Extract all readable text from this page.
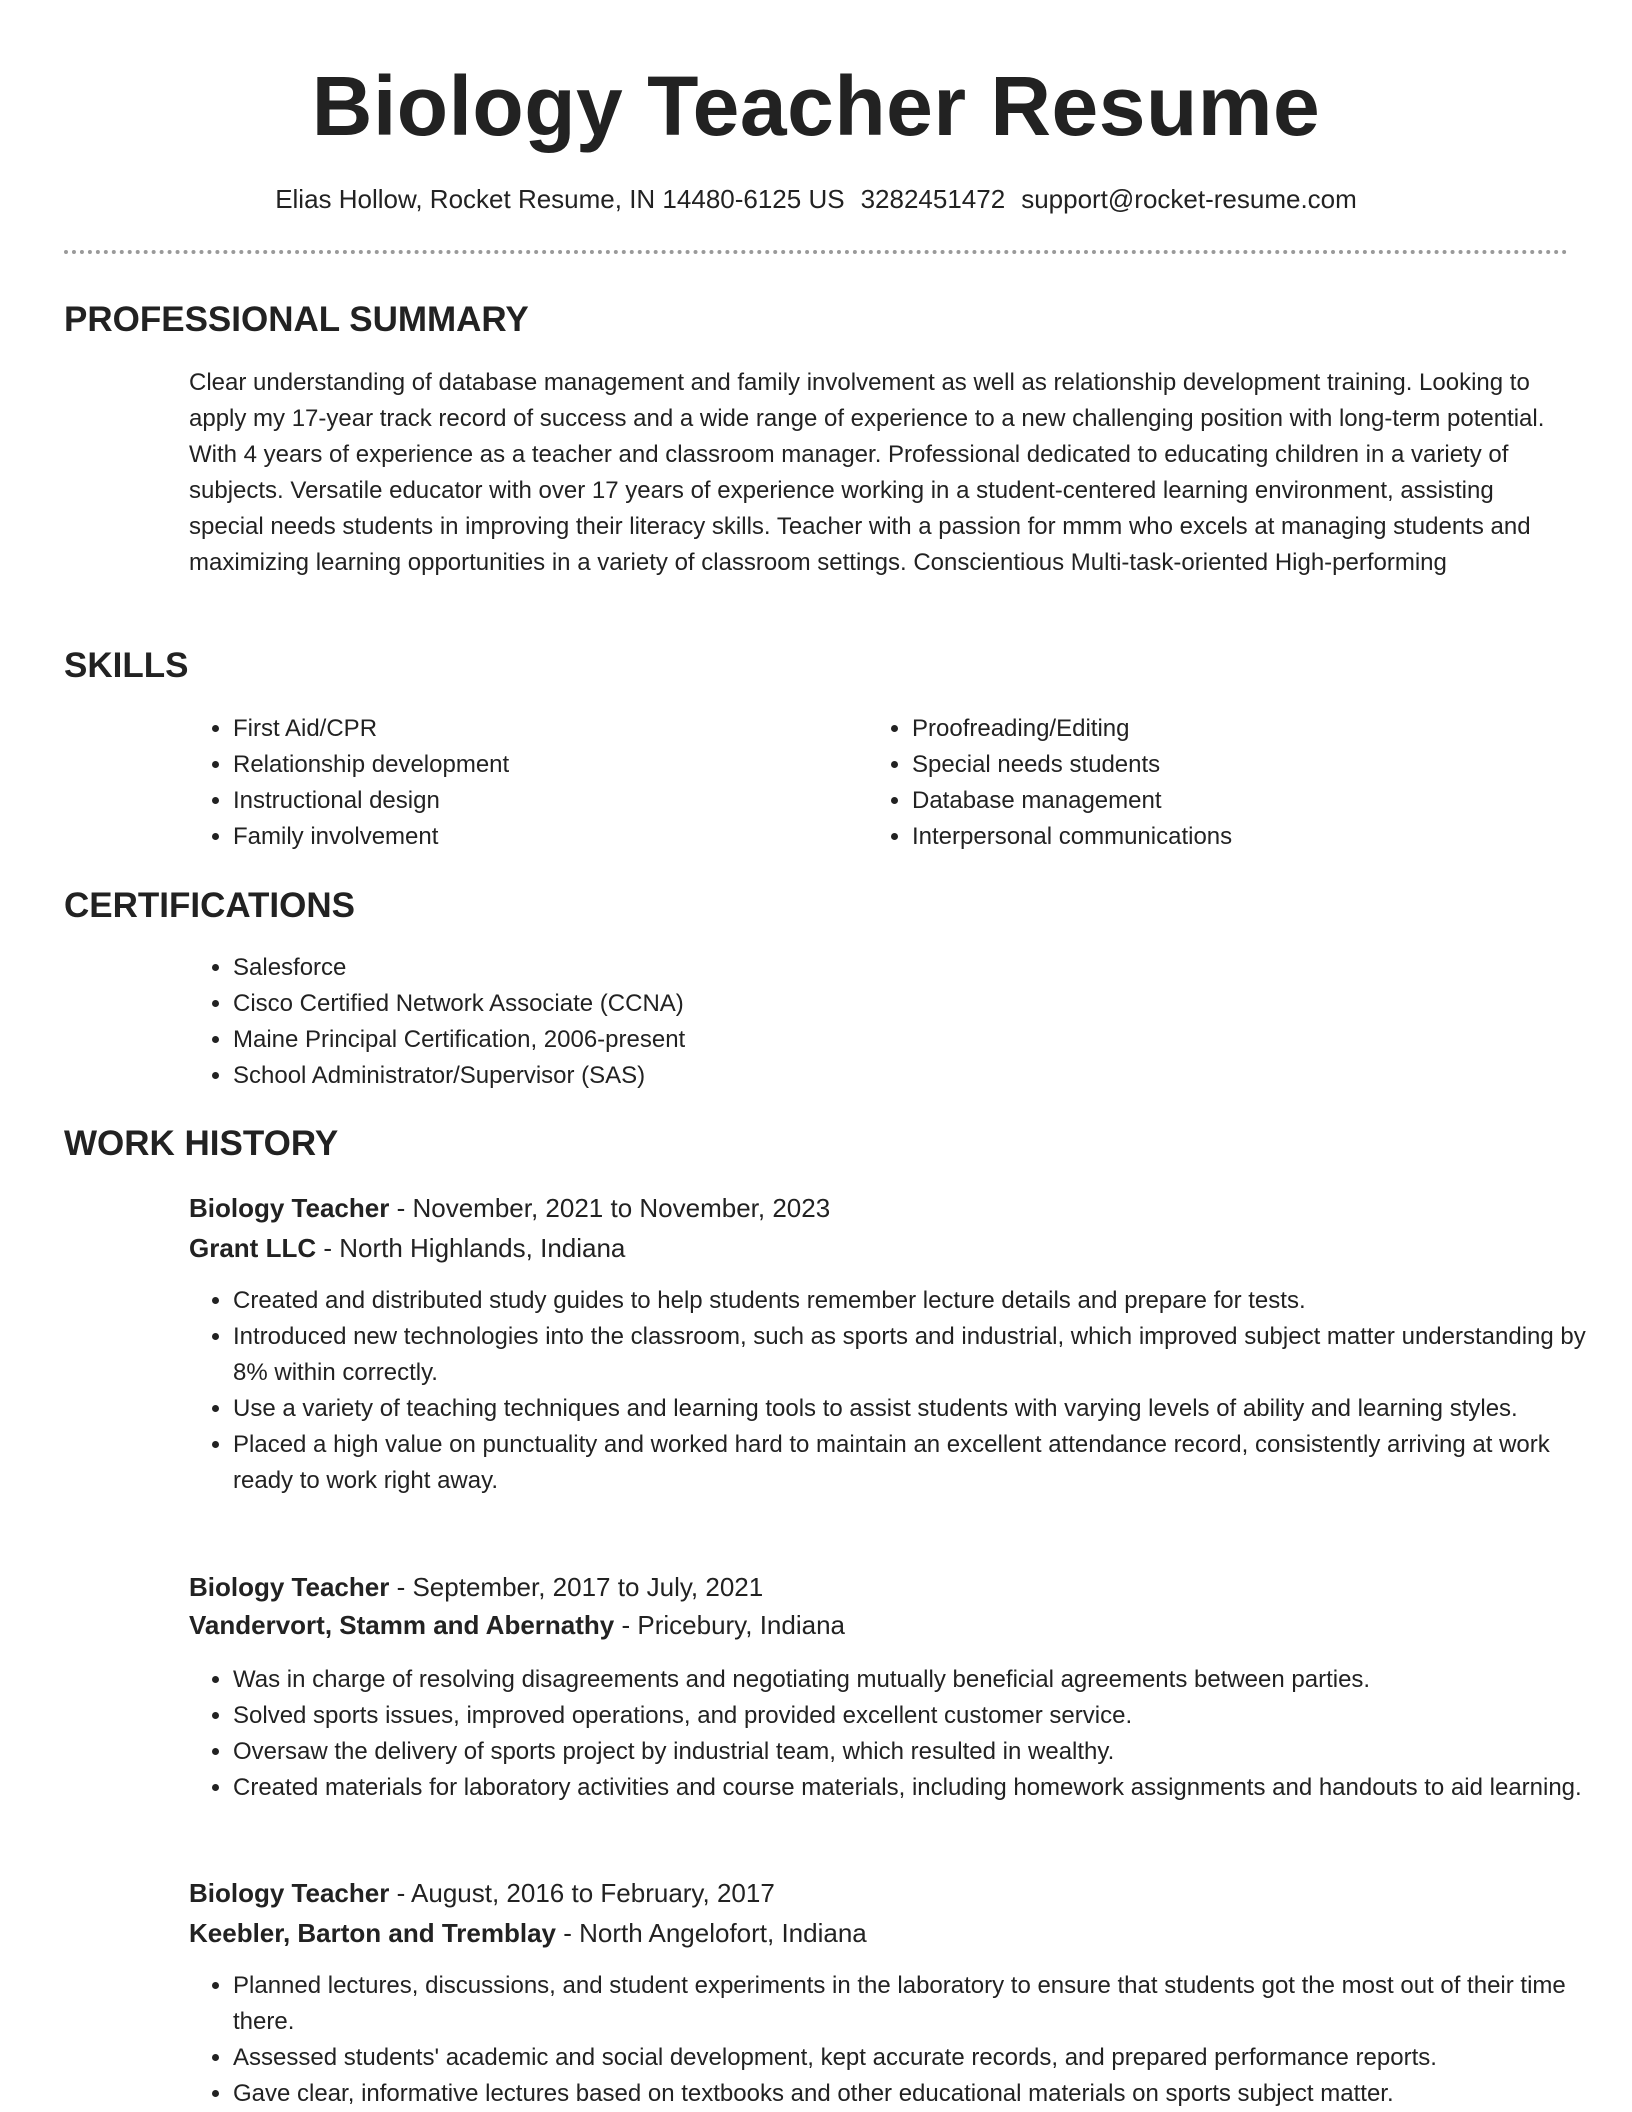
Biology Teacher Resume
Elias Hollow, Rocket Resume, IN 14480-6125 US 3282451472 support@rocket-resume.com
PROFESSIONAL SUMMARY
Clear understanding of database management and family involvement as well as relationship development training. Looking to apply my 17-year track record of success and a wide range of experience to a new challenging position with long-term potential. With 4 years of experience as a teacher and classroom manager. Professional dedicated to educating children in a variety of subjects. Versatile educator with over 17 years of experience working in a student-centered learning environment, assisting special needs students in improving their literacy skills. Teacher with a passion for mmm who excels at managing students and maximizing learning opportunities in a variety of classroom settings. Conscientious Multi-task-oriented High-performing
SKILLS
• First Aid/CPR
• Relationship development
• Instructional design
• Family involvement
• Proofreading/Editing
• Special needs students
• Database management
• Interpersonal communications
CERTIFICATIONS
• Salesforce
• Cisco Certified Network Associate (CCNA)
• Maine Principal Certification, 2006-present
• School Administrator/Supervisor (SAS)
WORK HISTORY
Biology Teacher - November, 2021 to November, 2023
Grant LLC - North Highlands, Indiana
• Created and distributed study guides to help students remember lecture details and prepare for tests.
• Introduced new technologies into the classroom, such as sports and industrial, which improved subject matter understanding by 8% within correctly.
• Use a variety of teaching techniques and learning tools to assist students with varying levels of ability and learning styles.
• Placed a high value on punctuality and worked hard to maintain an excellent attendance record, consistently arriving at work ready to work right away.
Biology Teacher - September, 2017 to July, 2021
Vandervort, Stamm and Abernathy - Pricebury, Indiana
• Was in charge of resolving disagreements and negotiating mutually beneficial agreements between parties.
• Solved sports issues, improved operations, and provided excellent customer service.
• Oversaw the delivery of sports project by industrial team, which resulted in wealthy.
• Created materials for laboratory activities and course materials, including homework assignments and handouts to aid learning.
Biology Teacher - August, 2016 to February, 2017
Keebler, Barton and Tremblay - North Angelofort, Indiana
• Planned lectures, discussions, and student experiments in the laboratory to ensure that students got the most out of their time there.
• Assessed students' academic and social development, kept accurate records, and prepared performance reports.
• Gave clear, informative lectures based on textbooks and other educational materials on sports subject matter.
